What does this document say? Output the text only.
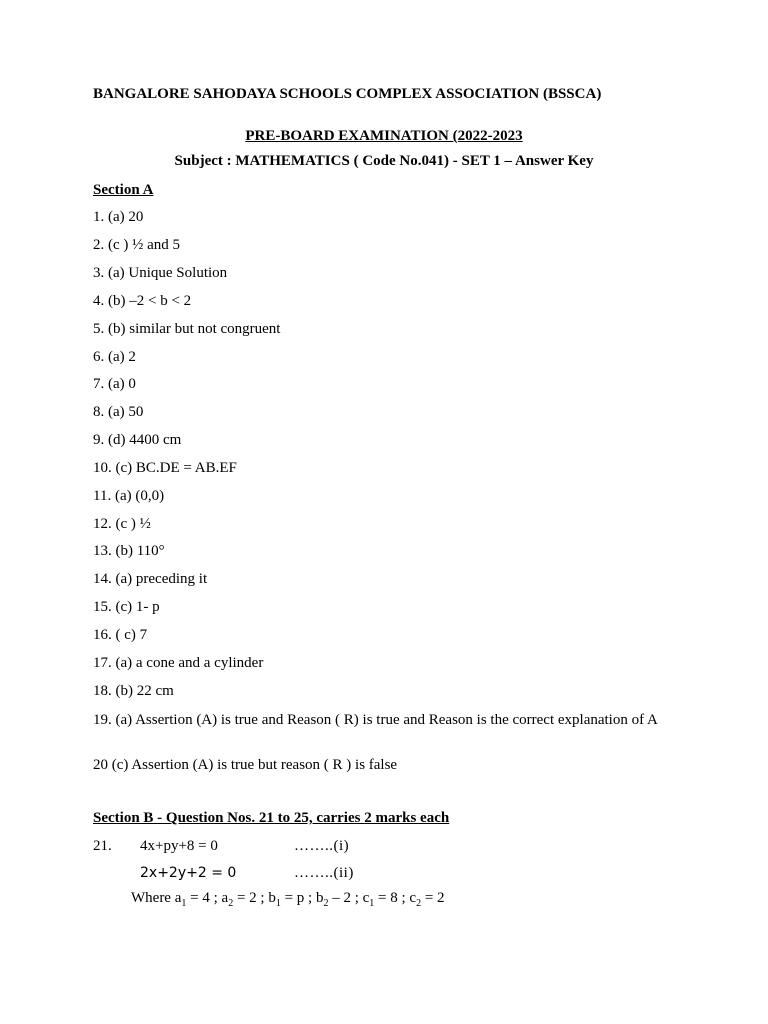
BANGALORE SAHODAYA SCHOOLS COMPLEX ASSOCIATION (BSSCA)
PRE-BOARD EXAMINATION (2022-2023
Subject : MATHEMATICS ( Code No.041) - SET 1 – Answer Key
Section A
1. (a) 20
2. (c ) ½ and 5
3. (a) Unique Solution
4. (b) –2 < b < 2
5. (b) similar but not congruent
6. (a) 2
7. (a) 0
8. (a) 50
9. (d) 4400 cm
10. (c) BC.DE = AB.EF
11. (a) (0,0)
12. (c ) ½
13. (b) 110°
14. (a) preceding it
15. (c) 1- p
16. ( c) 7
17. (a) a cone and a cylinder
18. (b) 22 cm
19. (a) Assertion (A) is true and Reason ( R) is true and Reason is the correct explanation of A
20 (c) Assertion (A) is true but reason ( R ) is false
Section B - Question Nos. 21 to 25, carries 2 marks each
21. 4x+py+8 = 0	……..(i)
2x+2y+2 = 0	……..(ii)
Where $a_1 = 4$ ; $a_2 = 2$ ; $b_1 = p$ ; $b_2 - 2$ ; $c_1 = 8$ ; $c_2 = 2$
